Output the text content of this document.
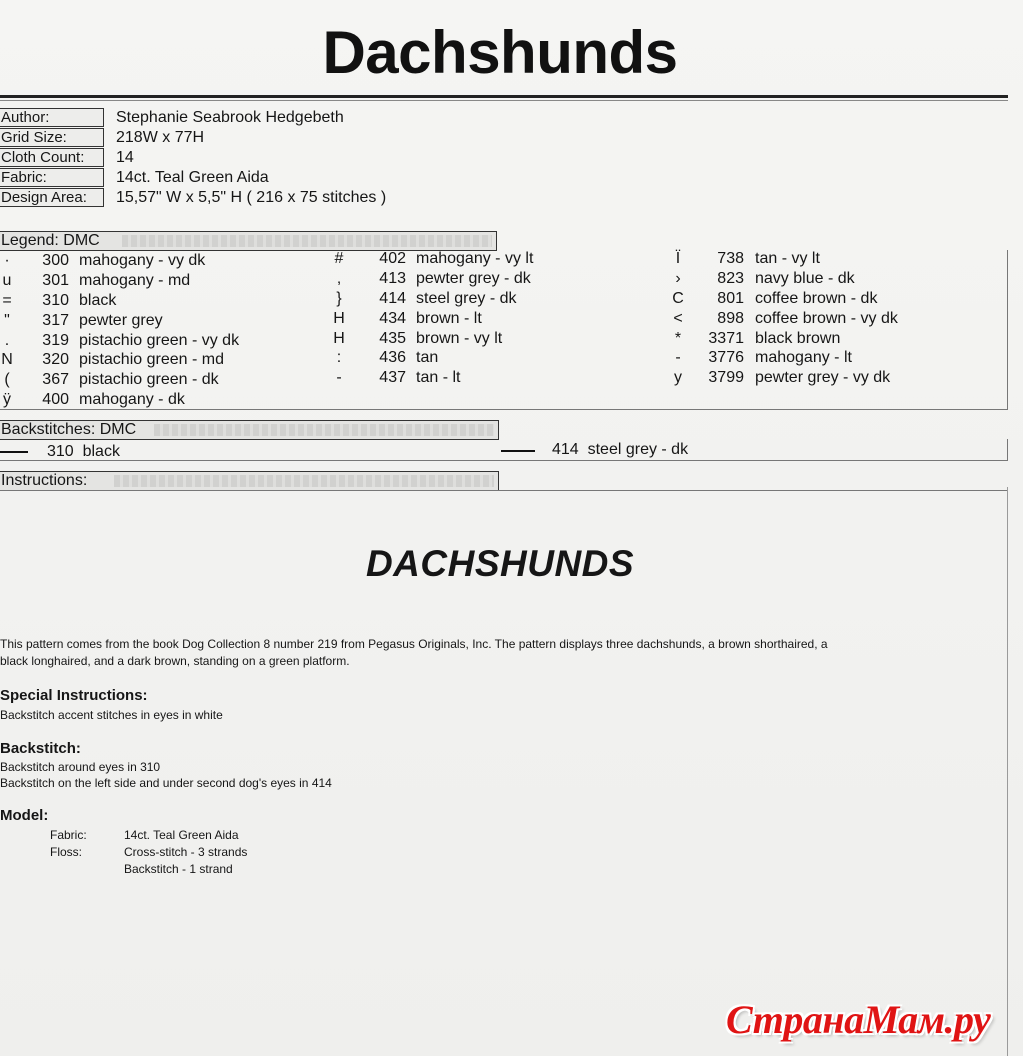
Dachshunds
Author:	Stephanie Seabrook Hedgebeth
Grid Size:	218W x 77H
Cloth Count:	14
Fabric:	14ct. Teal Green Aida
Design Area:	15,57" W x 5,5" H ( 216 x 75 stitches )
Legend: DMC
·	300 mahogany - vy dk
u	301 mahogany - md
=	310 black
"	317 pewter grey
.	319 pistachio green - vy dk
N	320 pistachio green - md
(	367 pistachio green - dk
ÿ	400 mahogany - dk
#	402 mahogany - vy lt
‚	413 pewter grey - dk
}	414 steel grey - dk
H	434 brown - lt
H	435 brown - vy lt
:	436 tan
-	437 tan - lt
Ï	738 tan - vy lt
›	823 navy blue - dk
C	801 coffee brown - dk
<	898 coffee brown - vy dk
* 3371 black brown
- 3776 mahogany - lt
y 3799 pewter grey - vy dk
Backstitches: DMC
310 black	414 steel grey - dk
Instructions:
DACHSHUNDS
This pattern comes from the book Dog Collection 8 number 219 from Pegasus Originals, Inc. The pattern displays three dachshunds, a brown shorthaired, a
black longhaired, and a dark brown, standing on a green platform.
Special Instructions:
Backstitch accent stitches in eyes in white
Backstitch:
Backstitch around eyes in 310
Backstitch on the left side and under second dog's eyes in 414
Model:
Fabric:	14ct. Teal Green Aida
Floss:	Cross-stitch - 3 strands
Backstitch - 1 strand
СтранаМам.ру
